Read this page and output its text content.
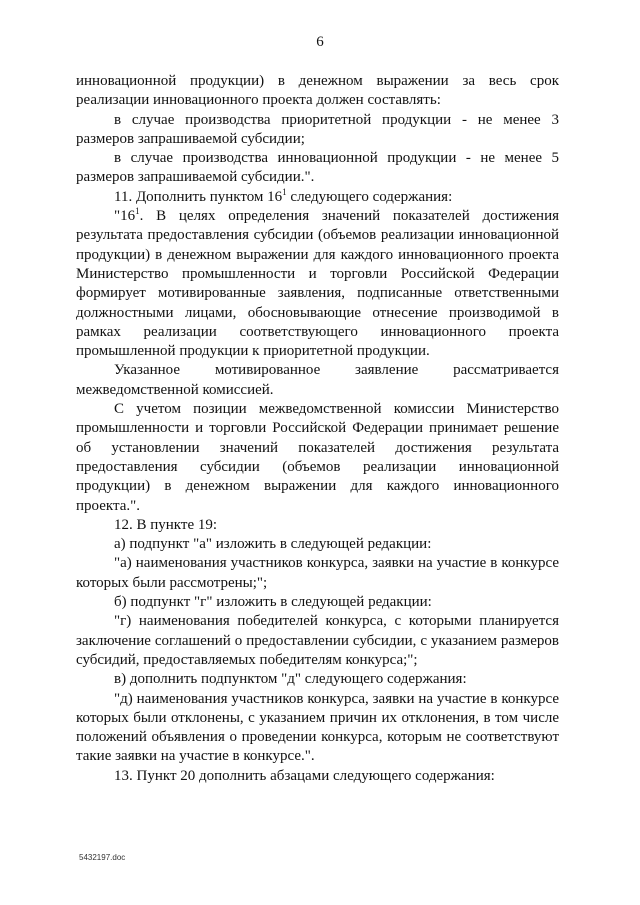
6

инновационной продукции) в денежном выражении за весь срок реализации инновационного проекта должен составлять:

в случае производства приоритетной продукции - не менее 3 размеров запрашиваемой субсидии;

в случае производства инновационной продукции - не менее 5 размеров запрашиваемой субсидии.".

11. Дополнить пунктом $16^1$ следующего содержания:

"$16^1$. В целях определения значений показателей достижения результата предоставления субсидии (объемов реализации инновационной продукции) в денежном выражении для каждого инновационного проекта Министерство промышленности и торговли Российской Федерации формирует мотивированные заявления, подписанные ответственными должностными лицами, обосновывающие отнесение производимой в рамках реализации соответствующего инновационного проекта промышленной продукции к приоритетной продукции.

Указанное мотивированное заявление рассматривается межведомственной комиссией.

С учетом позиции межведомственной комиссии Министерство промышленности и торговли Российской Федерации принимает решение об установлении значений показателей достижения результата предоставления субсидии (объемов реализации инновационной продукции) в денежном выражении для каждого инновационного проекта.".

12. В пункте 19:

а) подпункт "а" изложить в следующей редакции:

"а) наименования участников конкурса, заявки на участие в конкурсе которых были рассмотрены;";

б) подпункт "г" изложить в следующей редакции:

"г) наименования победителей конкурса, с которыми планируется заключение соглашений о предоставлении субсидии, с указанием размеров субсидий, предоставляемых победителям конкурса;";

в) дополнить подпунктом "д" следующего содержания:

"д) наименования участников конкурса, заявки на участие в конкурсе которых были отклонены, с указанием причин их отклонения, в том числе положений объявления о проведении конкурса, которым не соответствуют такие заявки на участие в конкурсе.".

13. Пункт 20 дополнить абзацами следующего содержания:

5432197.doc
